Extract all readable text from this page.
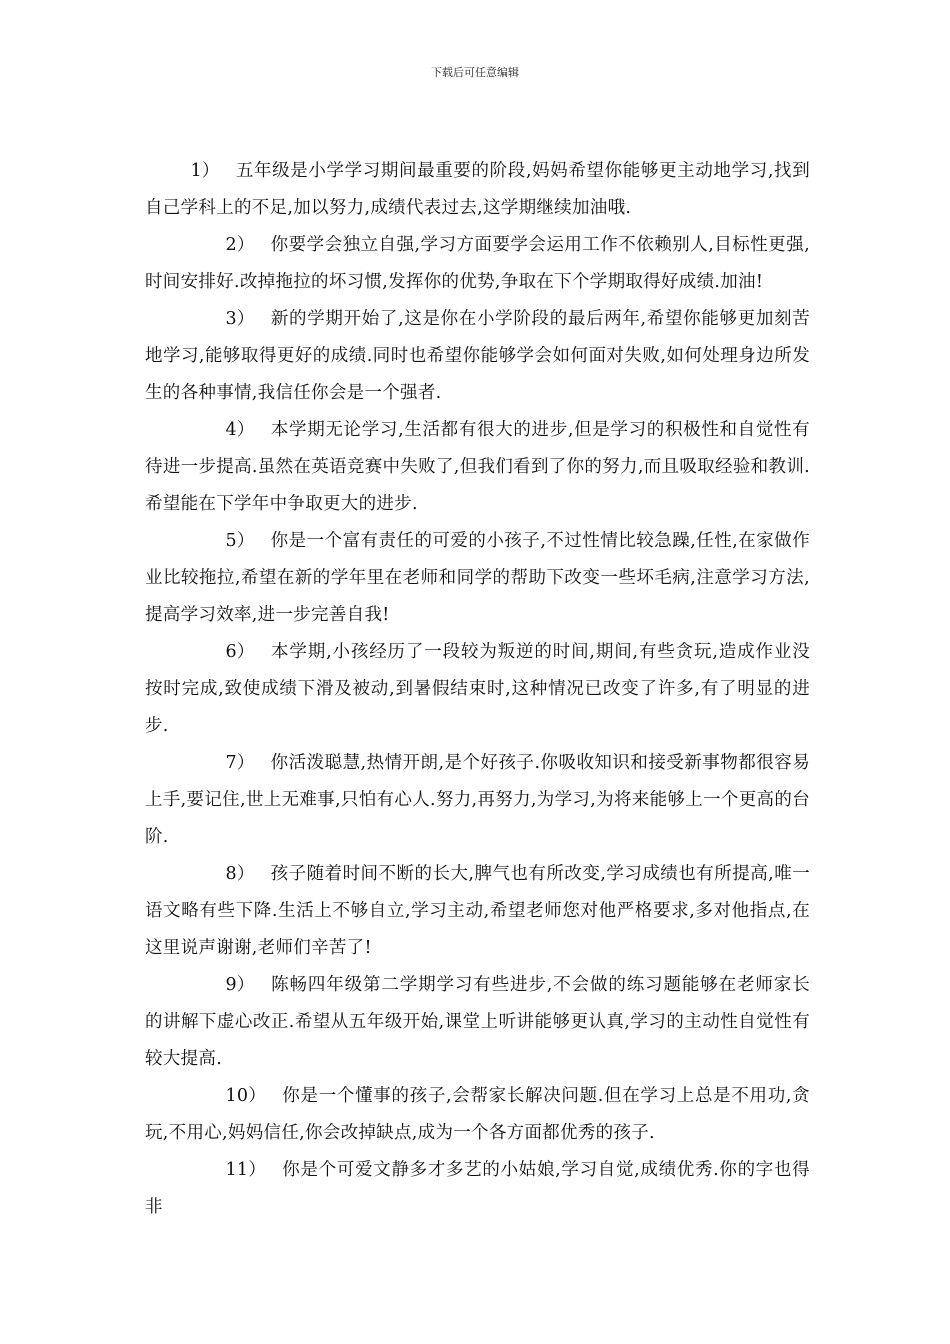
下载后可任意编辑

1） 五年级是小学学习期间最重要的阶段,妈妈希望你能够更主动地学习,找到自己学科上的不足,加以努力,成绩代表过去,这学期继续加油哦.

2） 你要学会独立自强,学习方面要学会运用工作不依赖别人,目标性更强,时间安排好.改掉拖拉的坏习惯,发挥你的优势,争取在下个学期取得好成绩.加油!

3） 新的学期开始了,这是你在小学阶段的最后两年,希望你能够更加刻苦地学习,能够取得更好的成绩.同时也希望你能够学会如何面对失败,如何处理身边所发生的各种事情,我信任你会是一个强者.

4） 本学期无论学习,生活都有很大的进步,但是学习的积极性和自觉性有待进一步提高.虽然在英语竞赛中失败了,但我们看到了你的努力,而且吸取经验和教训.希望能在下学年中争取更大的进步.

5） 你是一个富有责任的可爱的小孩子,不过性情比较急躁,任性,在家做作业比较拖拉,希望在新的学年里在老师和同学的帮助下改变一些坏毛病,注意学习方法,提高学习效率,进一步完善自我!

6） 本学期,小孩经历了一段较为叛逆的时间,期间,有些贪玩,造成作业没按时完成,致使成绩下滑及被动,到暑假结束时,这种情况已改变了许多,有了明显的进步.

7） 你活泼聪慧,热情开朗,是个好孩子.你吸收知识和接受新事物都很容易上手,要记住,世上无难事,只怕有心人.努力,再努力,为学习,为将来能够上一个更高的台阶.

8） 孩子随着时间不断的长大,脾气也有所改变,学习成绩也有所提高,唯一语文略有些下降.生活上不够自立,学习主动,希望老师您对他严格要求,多对他指点,在这里说声谢谢,老师们辛苦了!

9） 陈畅四年级第二学期学习有些进步,不会做的练习题能够在老师家长的讲解下虚心改正.希望从五年级开始,课堂上听讲能够更认真,学习的主动性自觉性有较大提高.

10） 你是一个懂事的孩子,会帮家长解决问题.但在学习上总是不用功,贪玩,不用心,妈妈信任,你会改掉缺点,成为一个各方面都优秀的孩子.

11） 你是个可爱文静多才多艺的小姑娘,学习自觉,成绩优秀.你的字也得非
